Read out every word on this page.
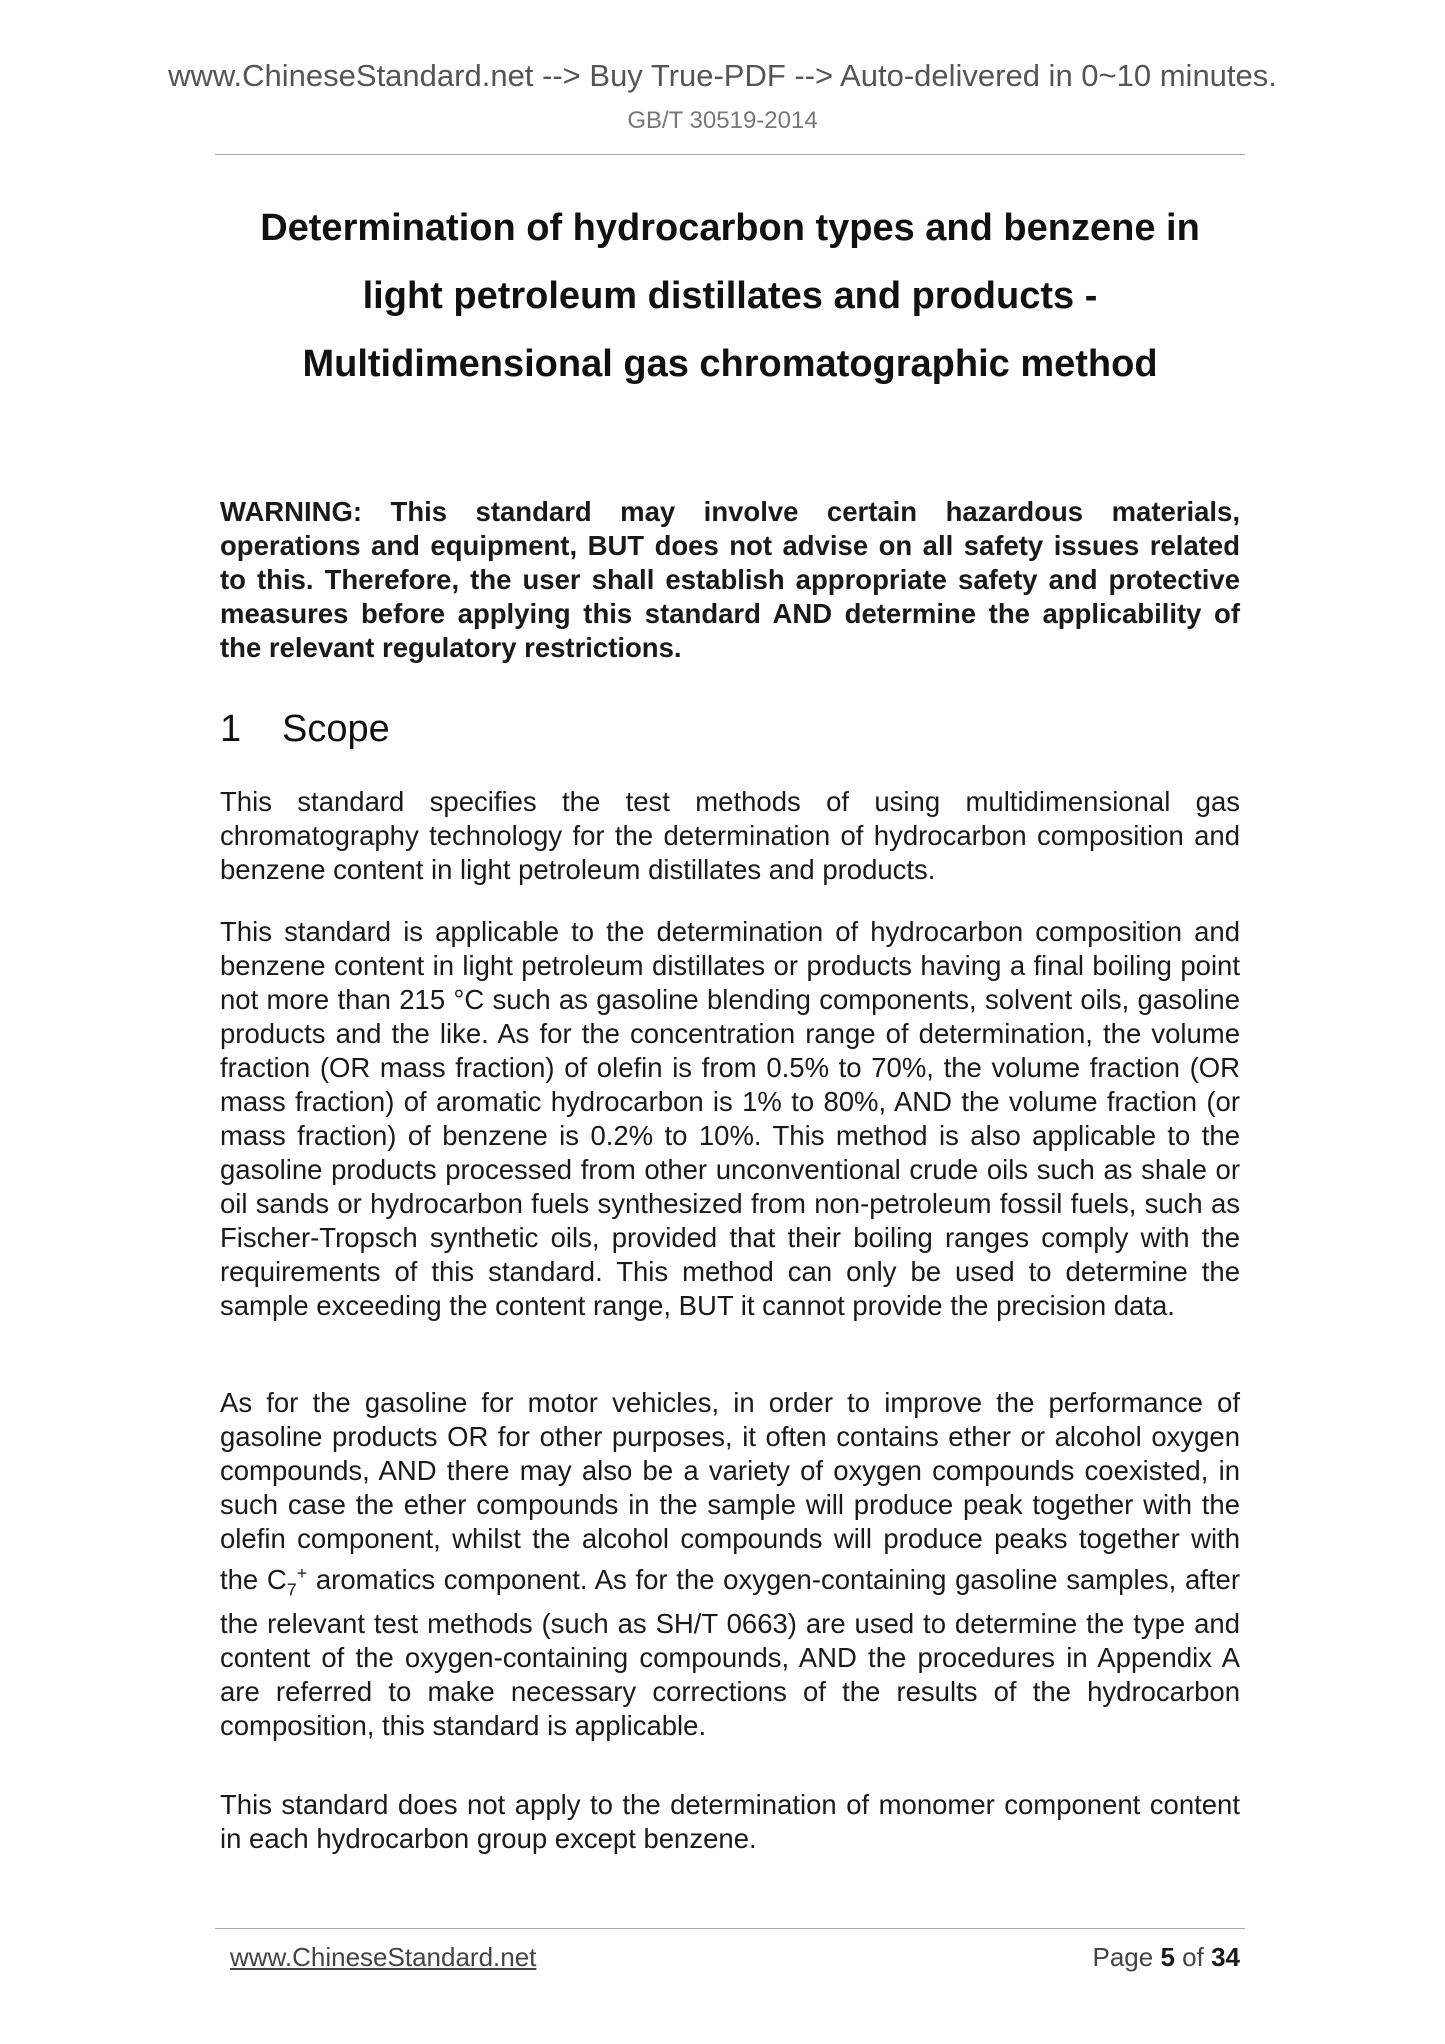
www.ChineseStandard.net --> Buy True-PDF --> Auto-delivered in 0~10 minutes.
GB/T 30519-2014
Determination of hydrocarbon types and benzene in
light petroleum distillates and products -
Multidimensional gas chromatographic method
WARNING: This standard may involve certain hazardous materials, operations and equipment, BUT does not advise on all safety issues related to this. Therefore, the user shall establish appropriate safety and protective measures before applying this standard AND determine the applicability of the relevant regulatory restrictions.
1 Scope
This standard specifies the test methods of using multidimensional gas chromatography technology for the determination of hydrocarbon composition and benzene content in light petroleum distillates and products.
This standard is applicable to the determination of hydrocarbon composition and benzene content in light petroleum distillates or products having a final boiling point not more than 215 °C such as gasoline blending components, solvent oils, gasoline products and the like. As for the concentration range of determination, the volume fraction (OR mass fraction) of olefin is from 0.5% to 70%, the volume fraction (OR mass fraction) of aromatic hydrocarbon is 1% to 80%, AND the volume fraction (or mass fraction) of benzene is 0.2% to 10%. This method is also applicable to the gasoline products processed from other unconventional crude oils such as shale or oil sands or hydrocarbon fuels synthesized from non-petroleum fossil fuels, such as Fischer-Tropsch synthetic oils, provided that their boiling ranges comply with the requirements of this standard. This method can only be used to determine the sample exceeding the content range, BUT it cannot provide the precision data.
As for the gasoline for motor vehicles, in order to improve the performance of gasoline products OR for other purposes, it often contains ether or alcohol oxygen compounds, AND there may also be a variety of oxygen compounds coexisted, in such case the ether compounds in the sample will produce peak together with the olefin component, whilst the alcohol compounds will produce peaks together with the $C_7^+$ aromatics component. As for the oxygen-containing gasoline samples, after the relevant test methods (such as SH/T 0663) are used to determine the type and content of the oxygen-containing compounds, AND the procedures in Appendix A are referred to make necessary corrections of the results of the hydrocarbon composition, this standard is applicable.
This standard does not apply to the determination of monomer component content in each hydrocarbon group except benzene.
www.ChineseStandard.net	Page 5 of 34
